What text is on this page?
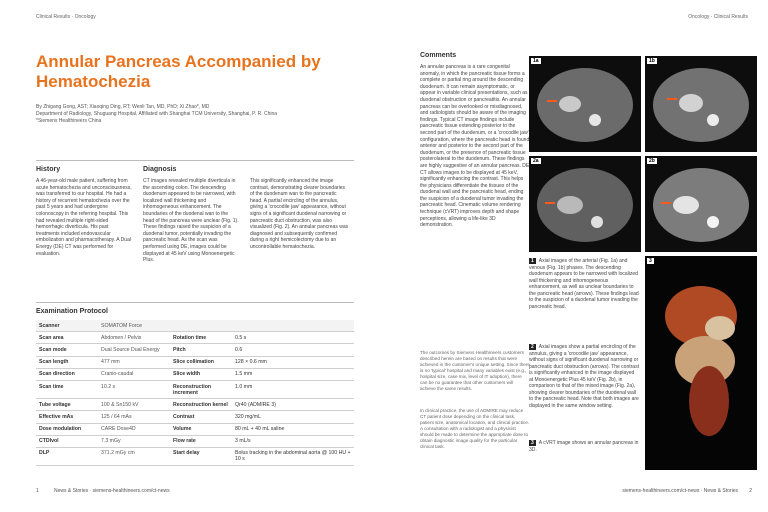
Clinical Results · Oncology
Annular Pancreas Accompanied by Hematochezia
By Zhigang Gong, AST; Xiaoqing Ding, RT; Wenli Tan, MD, PhD; Xi Zhao*, MD
Department of Radiology, Shuguang Hospital, Affiliated with Shanghai TCM University, Shanghai, P. R. China
*Siemens Healthineers China
History
A 46-year-old male patient, suffering from acute hematochezia and unconsciousness, was transferred to our hospital. He had a history of recurrent hematochezia over the past 5 years and had undergone colonoscopy in the referring hospital. This had revealed multiple right-sided hemorrhagic diverticula. His past treatments included endovascular embolization and pharmacotherapy. A Dual Energy (DE) CT was performed for evaluation.
Diagnosis
CT images revealed multiple diverticula in the ascending colon. The descending duodenum appeared to be narrowed, with localized wall thickening and inhomogeneous enhancement. The boundaries of the duodenal wan to the head of the pancreas were unclear (Fig. 1). These findings raised the suspicion of a duodenal tumor, potentially invading the pancreatic head. As the scan was performed using DE, images could be displayed at 45 keV using Monoenergetic Plus.
This significantly enhanced the image contrast, demonstrating clearer boundaries of the duodenum wan to the pancreatic head. A partial encircling of the annulus, giving a 'crocodile jaw' appearance, without signs of a significant duodenal narrowing or pancreatic duct obstruction, was also visualized (Fig. 2). An annular pancreas was diagnosed and subsequently confirmed during a right hemicolectomy due to an uncontrollable hematochezia.
Examination Protocol
Scanner	SOMATOM Force		
Scan area	Abdomen / Pelvis	Rotation time	0.5 s
Scan mode	Dual Source Dual Energy	Pitch	0.6
Scan length	477 mm	Slice collimation	128 × 0.6 mm
Scan direction	Cranio-caudal	Slice width	1.5 mm
Scan time	10.2 s	Reconstruction increment	1.0 mm
Tube voltage	100 & Sn150 kV	Reconstruction kernel	Qr40 (ADMIRE 3)
Effective mAs	125 / 64 mAs	Contrast	320 mg/mL
Dose modulation	CARE Dose4D	Volume	80 mL + 40 mL saline
CTDIvol	7.3 mGy	Flow rate	3 mL/s
DLP	371.2 mGy cm	Start delay	Bolus tracking in the abdominal aorta @ 100 HU + 10 s
1	News & Stories · siemens-healthineers.com/ct-news
Oncology · Clinical Results
Comments
An annular pancreas is a rare congenital anomaly, in which the pancreatic tissue forms a complete or partial ring around the descending duodenum. It can remain asymptomatic, or appear in variable clinical presentations, such as duodenal obstruction or pancreatitis. An annular pancreas can be overlooked or misdiagnosed, and radiologists should be aware of the imaging findings. Typical CT image findings include pancreatic tissue extending posterior to the second part of the duodenum, or a 'crocodile jaw' configuration, where the pancreatic head is found anterior and posterior to the second part of the duodenum, or the presence of pancreatic tissue posterolateral to the duodenum. These findings are highly suggestive of an annular pancreas. DE CT allows images to be displayed at 45 keV, significantly enhancing the contrast. This helps the physicians differentiate the tissues of the duodenal wall and the pancreatic head, ending the suspicion of a duodenal tumor invading the pancreatic head. Cinematic volume rendering technique (cVRT) improves depth and shape perceptions, allowing a life-like 3D demonstration.
The outcomes by Siemens Healthineers customers described herein are based on results that were achieved in the customer's unique setting. Since there is no 'typical' hospital and many variables exist (e.g., hospital size, case mix, level of IT adoption), there can be no guarantee that other customers will achieve the same results.
In clinical practice, the use of ADMIRE may reduce CT patient dose depending on the clinical task, patient size, anatomical location, and clinical practice. A consultation with a radiologist and a physicist should be made to determine the appropriate dose to obtain diagnostic image quality for the particular clinical task.
1a	1b
2a	2b
3
1 Axial images of the arterial (Fig. 1a) and venous (Fig. 1b) phases. The descending duodenum appears to be narrowed with localized wall thickening and inhomogeneous enhancement, as well as unclear boundaries to the pancreatic head (arrows). These findings lead to the suspicion of a duodenal tumor invading the pancreatic head.
2 Axial images show a partial encircling of the annulus, giving a 'crocodile jaw' appearance, without signs of significant duodenal narrowing or pancreatic duct obstruction (arrows). The contrast is significantly enhanced in the image displayed at Monoenergetic Plus 45 keV (Fig. 2b), in comparison to that of the mixed image (Fig. 2a), showing clearer boundaries of the duodenal wall to the pancreatic head. Note that both images are displayed in the same window setting.
3 A cVRT image shows an annular pancreas in 3D.
siemens-healthineers.com/ct-news · News & Stories 2
